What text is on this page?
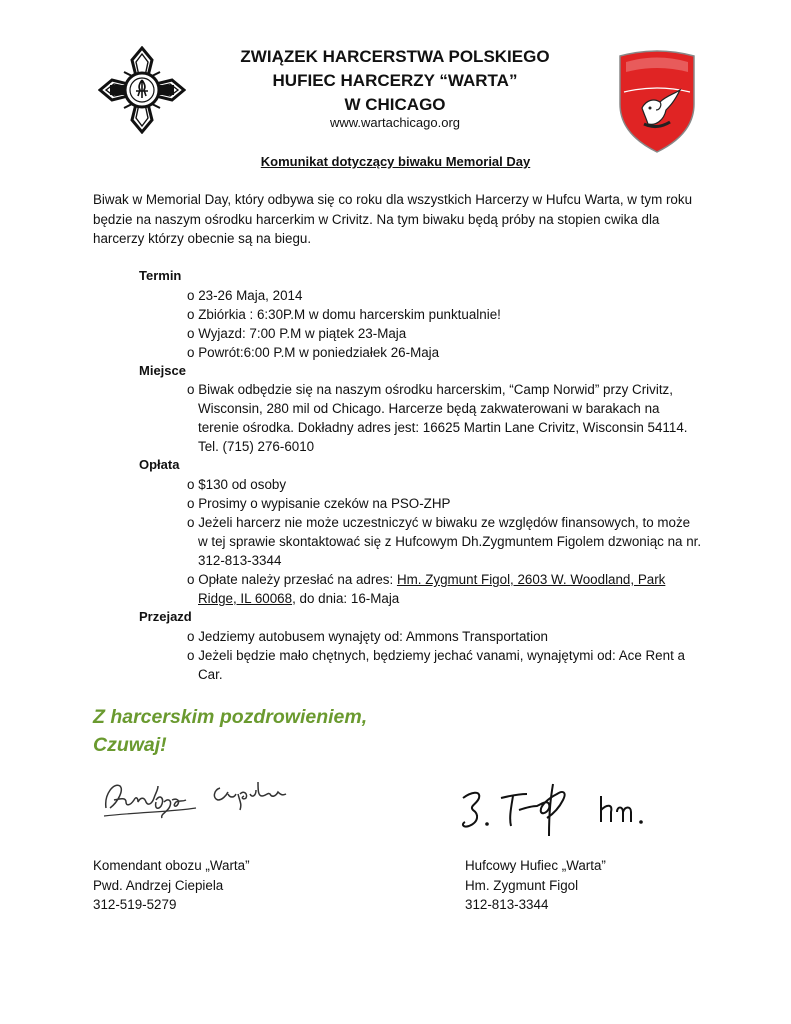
ZWIĄZEK HARCERSTWA POLSKIEGO
HUFIEC HARCERZY “WARTA”
W CHICAGO
www.wartachicago.org
Komunikat dotyczący biwaku Memorial Day
Biwak w Memorial Day, który odbywa się co roku dla wszystkich Harcerzy w Hufcu Warta, w tym roku będzie na naszym ośrodku harcerkim w Crivitz. Na tym biwaku będą próby na stopien cwika dla harcerzy którzy obecnie są na biegu.
Termin
o 23-26 Maja, 2014
o Zbiórkia : 6:30P.M w domu harcerskim punktualnie!
o Wyjazd: 7:00 P.M w piątek 23-Maja
o Powrót:6:00 P.M w poniedziałek 26-Maja
Miejsce
o Biwak odbędzie się na naszym ośrodku harcerskim, “Camp Norwid” przy Crivitz, Wisconsin, 280 mil od Chicago. Harcerze będą zakwaterowani w barakach na terenie ośrodka. Dokładny adres jest: 16625 Martin Lane Crivitz, Wisconsin 54114. Tel. (715) 276-6010
Opłata
o $130 od osoby
o Prosimy o wypisanie czeków na PSO-ZHP
o Jeżeli harcerz nie może uczestniczyć w biwaku ze względów finansowych, to może w tej sprawie skontaktować się z Hufcowym Dh.Zygmuntem Figolem dzwoniąc na nr. 312-813-3344
o Opłate należy przesłać na adres: Hm. Zygmunt Figol, 2603 W. Woodland, Park Ridge, IL 60068, do dnia: 16-Maja
Przejazd
o Jedziemy autobusem wynajęty od: Ammons Transportation
o Jeżeli będzie mało chętnych, będziemy jechać vanami, wynajętymi od: Ace Rent a Car.
Z harcerskim pozdrowieniem,
Czuwaj!
Komendant obozu „Warta”
Pwd. Andrzej Ciepiela
312-519-5279
Hufcowy Hufiec „Warta”
Hm. Zygmunt Figol
312-813-3344
